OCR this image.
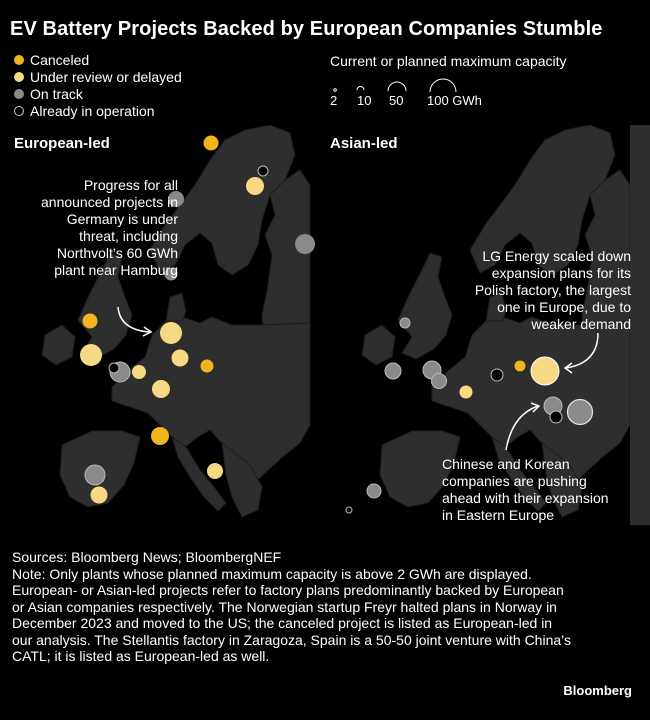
EV Battery Projects Backed by European Companies Stumble
Canceled
Under review or delayed
On track
Already in operation
Current or planned maximum capacity
2 10 50 100 GWh
European-led	Asian-led
Progress for all announced projects in Germany is under threat, including Northvolt’s 60 GWh plant near Hamburg
LG Energy scaled down expansion plans for its Polish factory, the largest one in Europe, due to weaker demand
Chinese and Korean companies are pushing ahead with their expansion in Eastern Europe
Sources: Bloomberg News; BloombergNEF
Note: Only plants whose planned maximum capacity is above 2 GWh are displayed. European- or Asian-led projects refer to factory plans predominantly backed by European or Asian companies respectively. The Norwegian startup Freyr halted plans in Norway in December 2023 and moved to the US; the canceled project is listed as European-led in our analysis. The Stellantis factory in Zaragoza, Spain is a 50-50 joint venture with China’s CATL; it is listed as European-led as well.
Bloomberg
